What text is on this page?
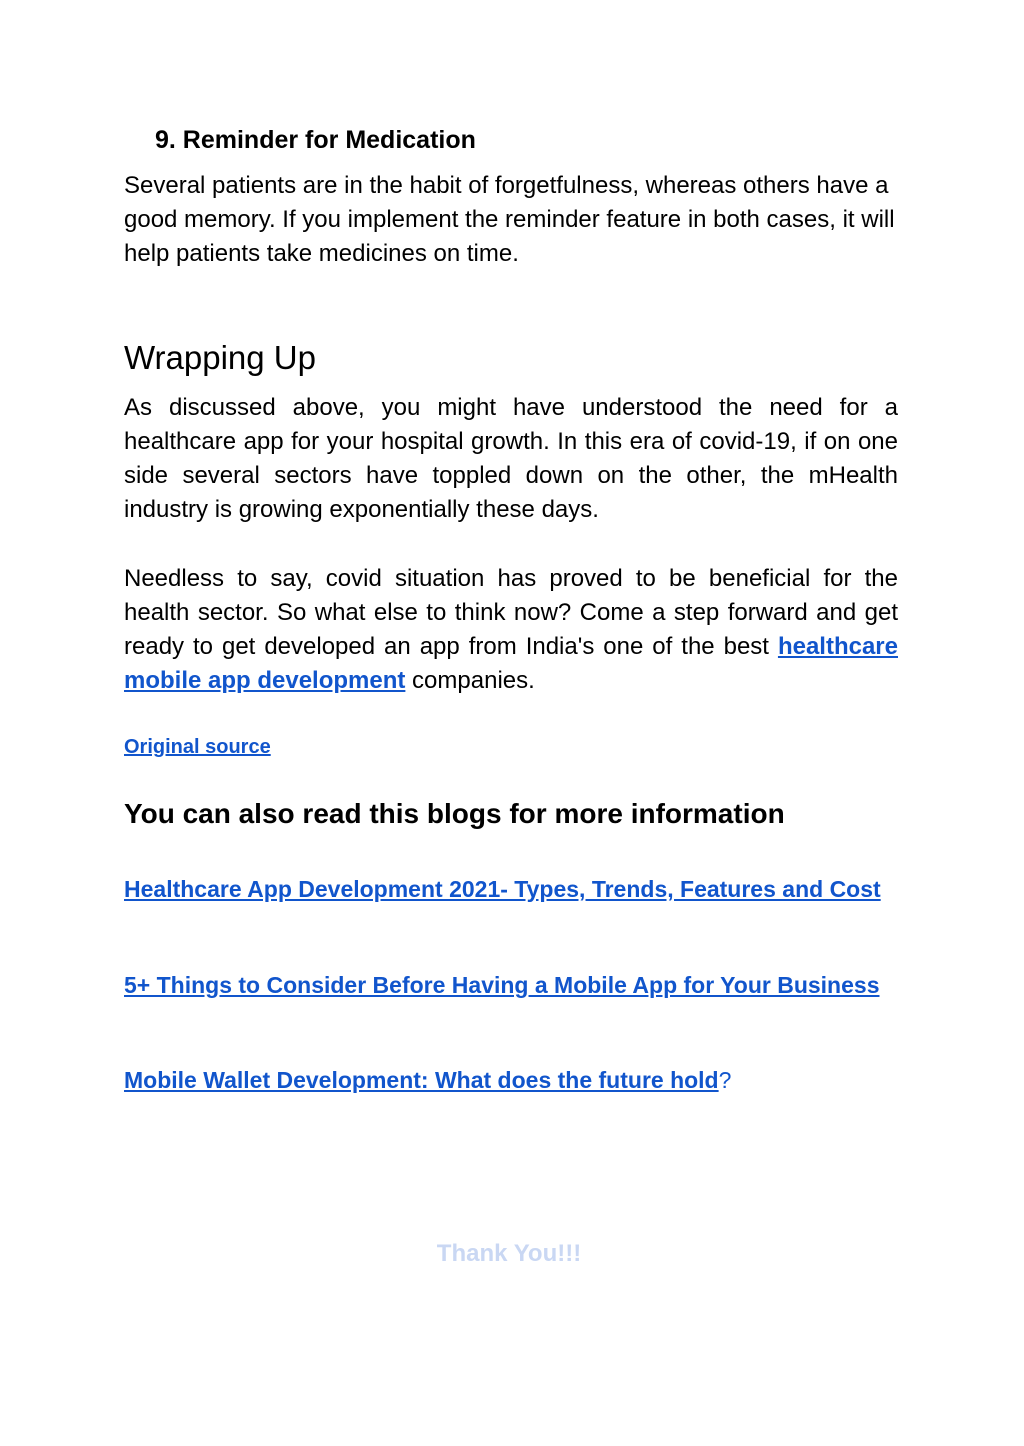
9. Reminder for Medication

Several patients are in the habit of forgetfulness, whereas others have a good memory. If you implement the reminder feature in both cases, it will help patients take medicines on time.

Wrapping Up

As discussed above, you might have understood the need for a healthcare app for your hospital growth. In this era of covid-19, if on one side several sectors have toppled down on the other, the mHealth industry is growing exponentially these days.

Needless to say, covid situation has proved to be beneficial for the health sector. So what else to think now? Come a step forward and get ready to get developed an app from India's one of the best healthcare mobile app development companies.

Original source
You can also read this blogs for more information

Healthcare App Development 2021- Types, Trends, Features and Cost

5+ Things to Consider Before Having a Mobile App for Your Business

Mobile Wallet Development: What does the future hold?

Thank You!!!
